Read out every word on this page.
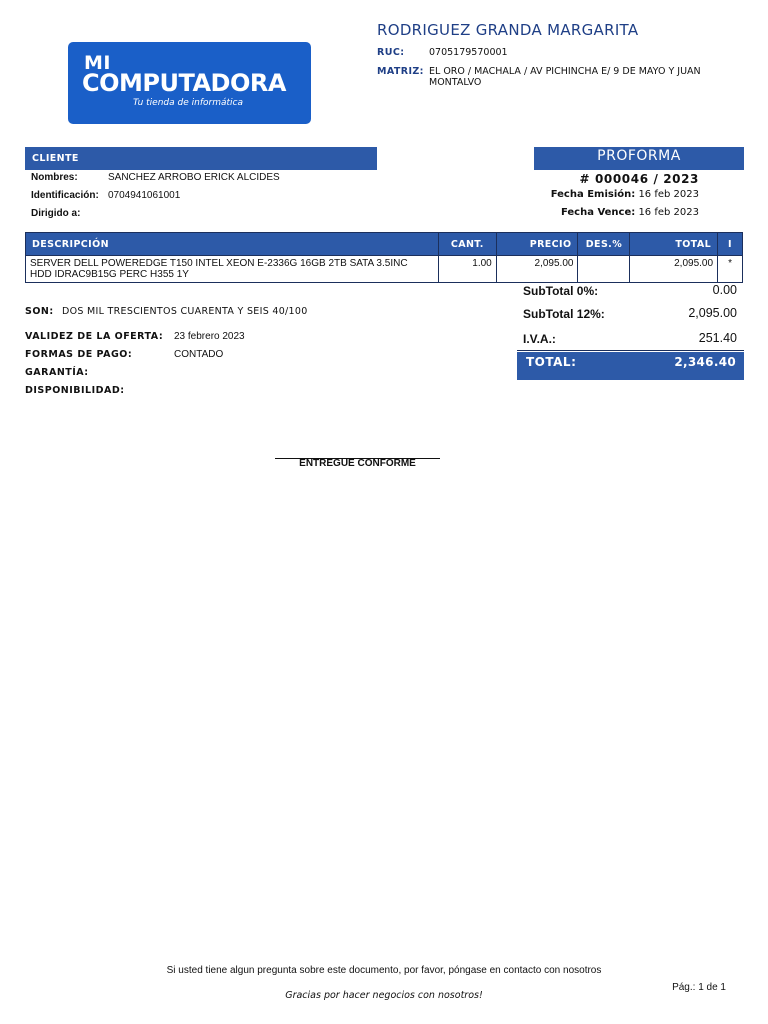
MI
COMPUTADORA
Tu tienda de informática
RODRIGUEZ GRANDA MARGARITA
RUC:	0705179570001
MATRIZ: EL ORO / MACHALA / AV PICHINCHA E/ 9 DE MAYO Y JUAN
MONTALVO
CLIENTE
Nombres:	SANCHEZ ARROBO ERICK ALCIDES
Identificación: 0704941061001
Dirigido a:
PROFORMA
# 000046 / 2023
Fecha Emisión: 16 feb 2023
Fecha Vence: 16 feb 2023
DESCRIPCIÓN	CANT.	PRECIO	DES.%	TOTAL	I

SERVER DELL POWEREDGE T150 INTEL XEON E-2336G 16GB 2TB SATA 3.5INC
HDD IDRAC9B15G PERC H355 1Y	1.00	2,095.00		2,095.00	*
SubTotal 0%:	0.00
SubTotal 12%:	2,095.00
I.V.A.:	251.40
TOTAL:	2,346.40
SON: DOS MIL TRESCIENTOS CUARENTA Y SEIS 40/100
VALIDEZ DE LA OFERTA: 23 febrero 2023
FORMAS DE PAGO:	CONTADO
GARANTÍA:
DISPONIBILIDAD:
ENTREGUE CONFORME
Si usted tiene algun pregunta sobre este documento, por favor, póngase en contacto con nosotros
Pág.: 1 de 1
Gracias por hacer negocios con nosotros!
